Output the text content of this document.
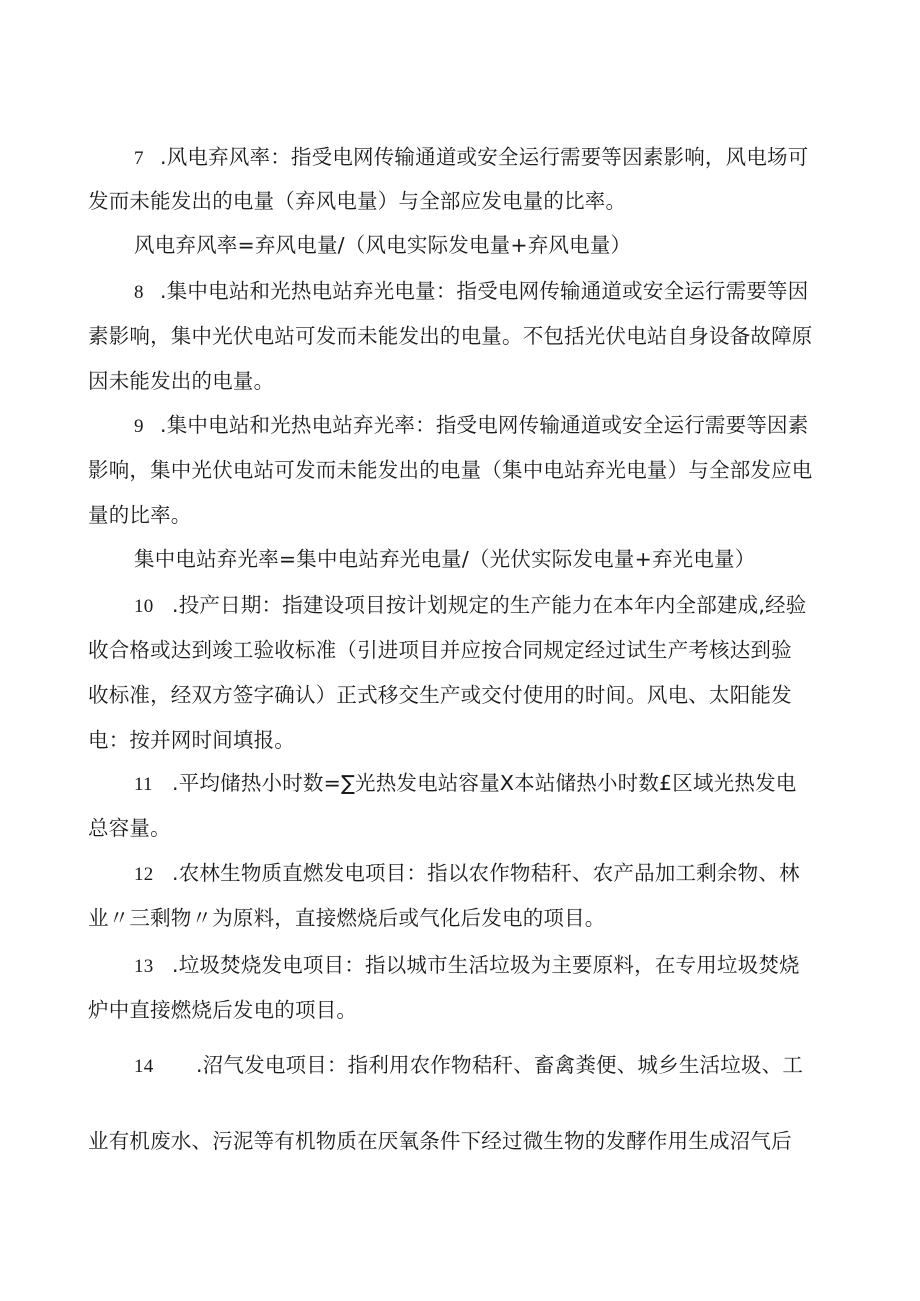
7 .风电弃风率：指受电网传输通道或安全运行需要等因素影响，风电场可
发而未能发出的电量（弃风电量）与全部应发电量的比率。
风电弃风率=弃风电量/（风电实际发电量+弃风电量）
8 .集中电站和光热电站弃光电量：指受电网传输通道或安全运行需要等因
素影响，集中光伏电站可发而未能发出的电量。不包括光伏电站自身设备故障原
因未能发出的电量。
9 .集中电站和光热电站弃光率：指受电网传输通道或安全运行需要等因素
影响，集中光伏电站可发而未能发出的电量（集中电站弃光电量）与全部发应电
量的比率。
集中电站弃光率=集中电站弃光电量/（光伏实际发电量+弃光电量）
10 .投产日期：指建设项目按计划规定的生产能力在本年内全部建成,经验
收合格或达到竣工验收标准（引进项目并应按合同规定经过试生产考核达到验
收标准，经双方签字确认）正式移交生产或交付使用的时间。风电、太阳能发
电：按并网时间填报。
11 .平均储热小时数=∑光热发电站容量X本站储热小时数£区域光热发电
总容量。
12 .农林生物质直燃发电项目：指以农作物秸秆、农产品加工剩余物、林
业〃三剩物〃为原料，直接燃烧后或气化后发电的项目。
13 .垃圾焚烧发电项目：指以城市生活垃圾为主要原料，在专用垃圾焚烧
炉中直接燃烧后发电的项目。
14 .沼气发电项目：指利用农作物秸秆、畜禽粪便、城乡生活垃圾、工
业有机废水、污泥等有机物质在厌氧条件下经过微生物的发酵作用生成沼气后
